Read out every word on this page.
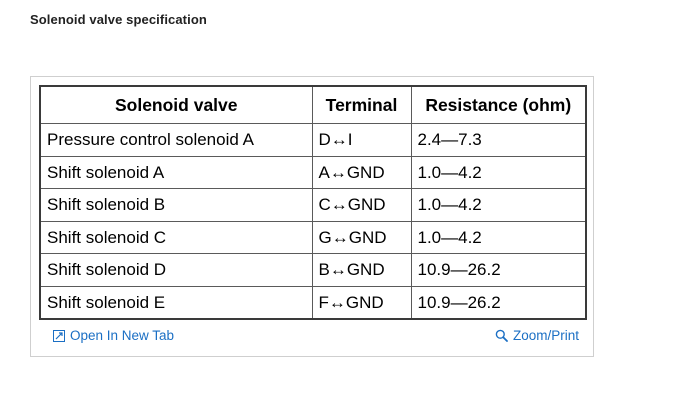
Solenoid valve specification
Solenoid valve	Terminal	Resistance (ohm)
Pressure control solenoid A	D↔I	2.4—7.3
Shift solenoid A	A↔GND	1.0—4.2
Shift solenoid B	C↔GND	1.0—4.2
Shift solenoid C	G↔GND	1.0—4.2
Shift solenoid D	B↔GND	10.9—26.2
Shift solenoid E	F↔GND	10.9—26.2
Open In New Tab	Zoom/Print
